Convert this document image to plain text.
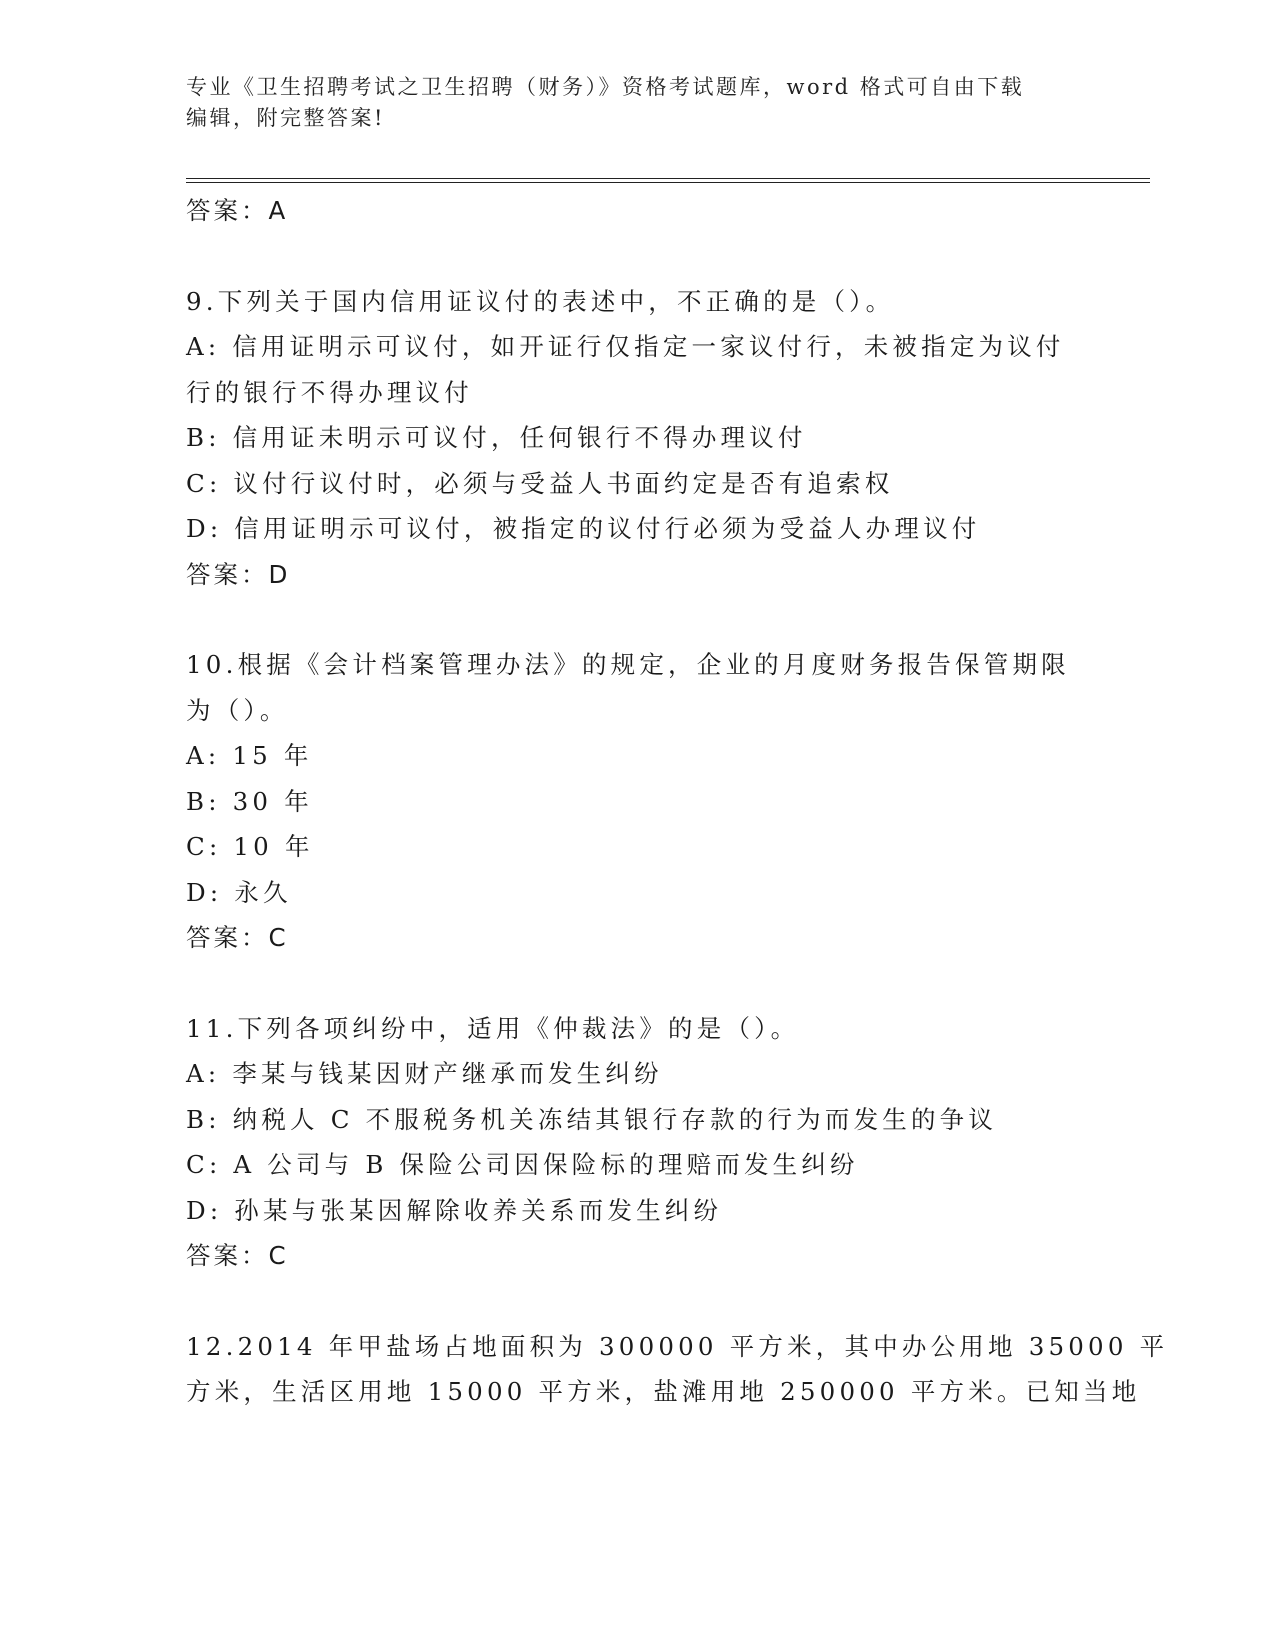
专业《卫生招聘考试之卫生招聘（财务）》资格考试题库，word 格式可自由下载
编辑，附完整答案!
答案：A
9.下列关于国内信用证议付的表述中，不正确的是（）。
A: 信用证明示可议付，如开证行仅指定一家议付行，未被指定为议付
行的银行不得办理议付
B: 信用证未明示可议付，任何银行不得办理议付
C: 议付行议付时，必须与受益人书面约定是否有追索权
D: 信用证明示可议付，被指定的议付行必须为受益人办理议付
答案：D
10.根据《会计档案管理办法》的规定，企业的月度财务报告保管期限
为（）。
A: 15 年
B: 30 年
C: 10 年
D: 永久
答案：C
11.下列各项纠纷中，适用《仲裁法》的是（）。
A: 李某与钱某因财产继承而发生纠纷
B: 纳税人 C 不服税务机关冻结其银行存款的行为而发生的争议
C: A 公司与 B 保险公司因保险标的理赔而发生纠纷
D: 孙某与张某因解除收养关系而发生纠纷
答案：C
12.2014 年甲盐场占地面积为 300000 平方米，其中办公用地 35000 平
方米，生活区用地 15000 平方米，盐滩用地 250000 平方米。已知当地
